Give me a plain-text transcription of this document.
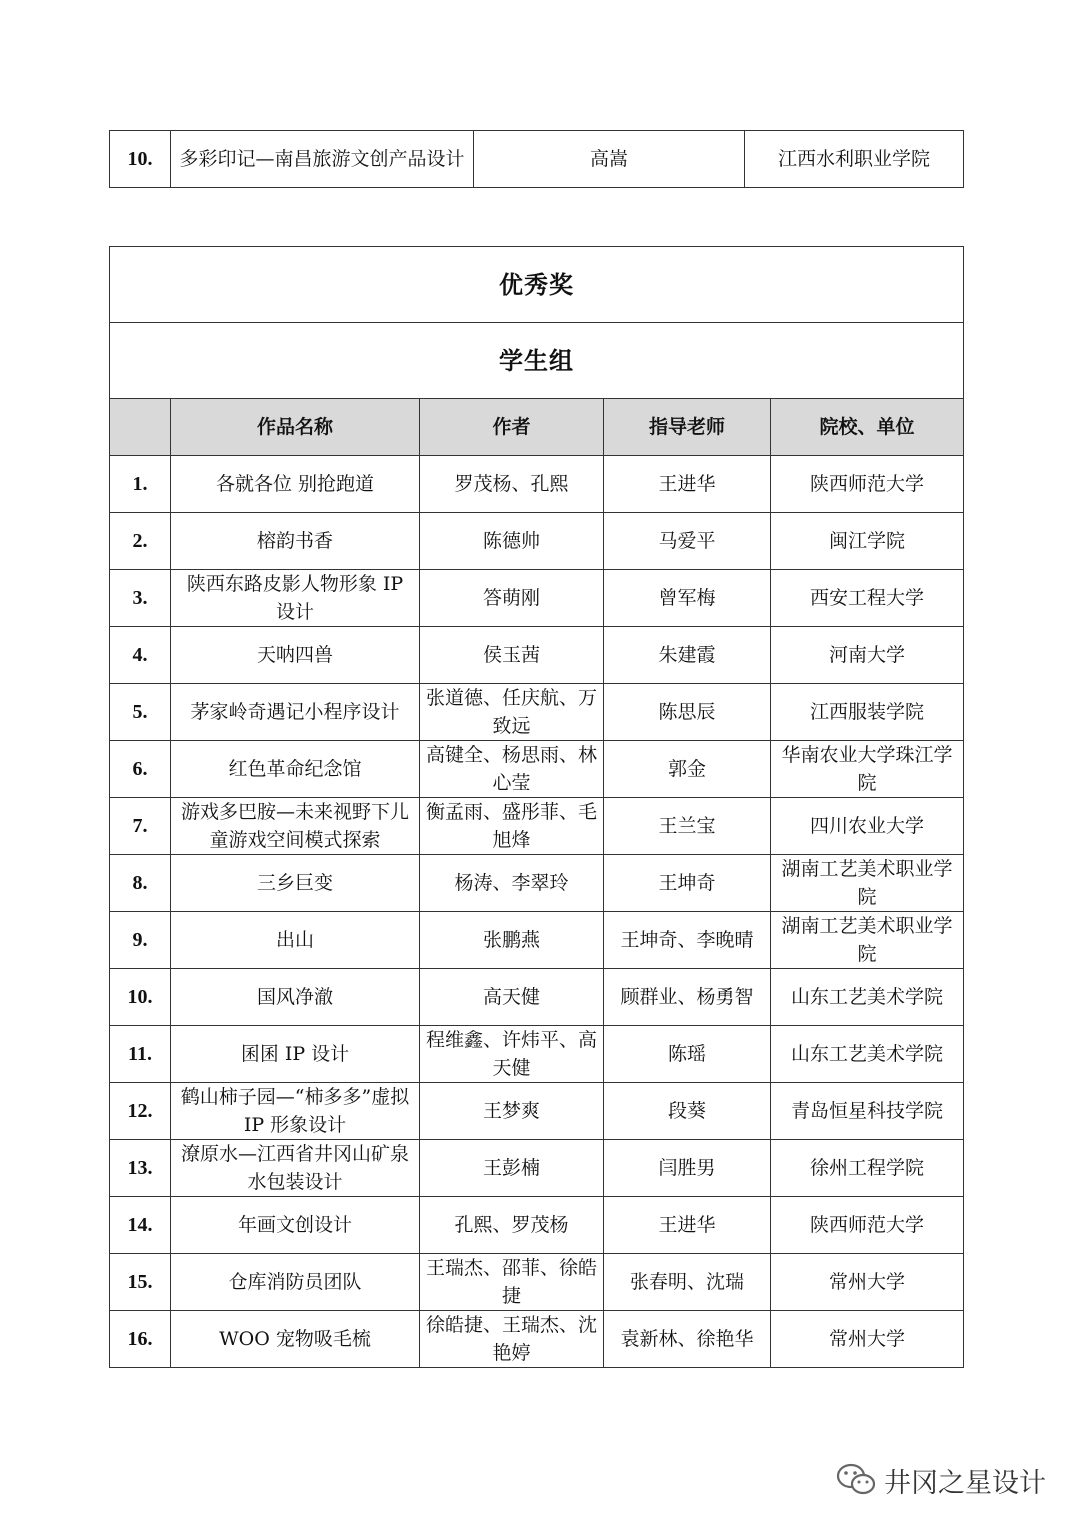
10.	多彩印记—南昌旅游文创产品设计	高嵩	江西水利职业学院
优秀奖				
学生组				
	作品名称	作者	指导老师	院校、单位
1.	各就各位 别抢跑道	罗茂杨、孔熙	王进华	陕西师范大学
2.	榕韵书香	陈德帅	马爱平	闽江学院
3.	陕西东路皮影人物形象 IP 设计	答萌刚	曾军梅	西安工程大学
4.	天呐四兽	侯玉茜	朱建霞	河南大学
5.	茅家岭奇遇记小程序设计	张道德、任庆航、万致远	陈思辰	江西服装学院
6.	红色革命纪念馆	高键全、杨思雨、林心莹	郭金	华南农业大学珠江学院
7.	游戏多巴胺—未来视野下儿童游戏空间模式探索	衡孟雨、盛彤菲、毛旭烽	王兰宝	四川农业大学
8.	三乡巨变	杨涛、李翠玲	王坤奇	湖南工艺美术职业学院
9.	出山	张鹏燕	王坤奇、李晚晴	湖南工艺美术职业学院
10.	国风净澈	高天健	顾群业、杨勇智	山东工艺美术学院
11.	囷囷 IP 设计	程维鑫、许炜平、高天健	陈瑶	山东工艺美术学院
12.	鹤山柿子园—“柿多多”虚拟 IP 形象设计	王梦爽	段葵	青岛恒星科技学院
13.	潦原水—江西省井冈山矿泉水包装设计	王彭楠	闫胜男	徐州工程学院
14.	年画文创设计	孔熙、罗茂杨	王进华	陕西师范大学
15.	仓库消防员团队	王瑞杰、邵菲、徐皓捷	张春明、沈瑞	常州大学
16.	WOO 宠物吸毛梳	徐皓捷、王瑞杰、沈艳婷	袁新林、徐艳华	常州大学
井冈之星设计
